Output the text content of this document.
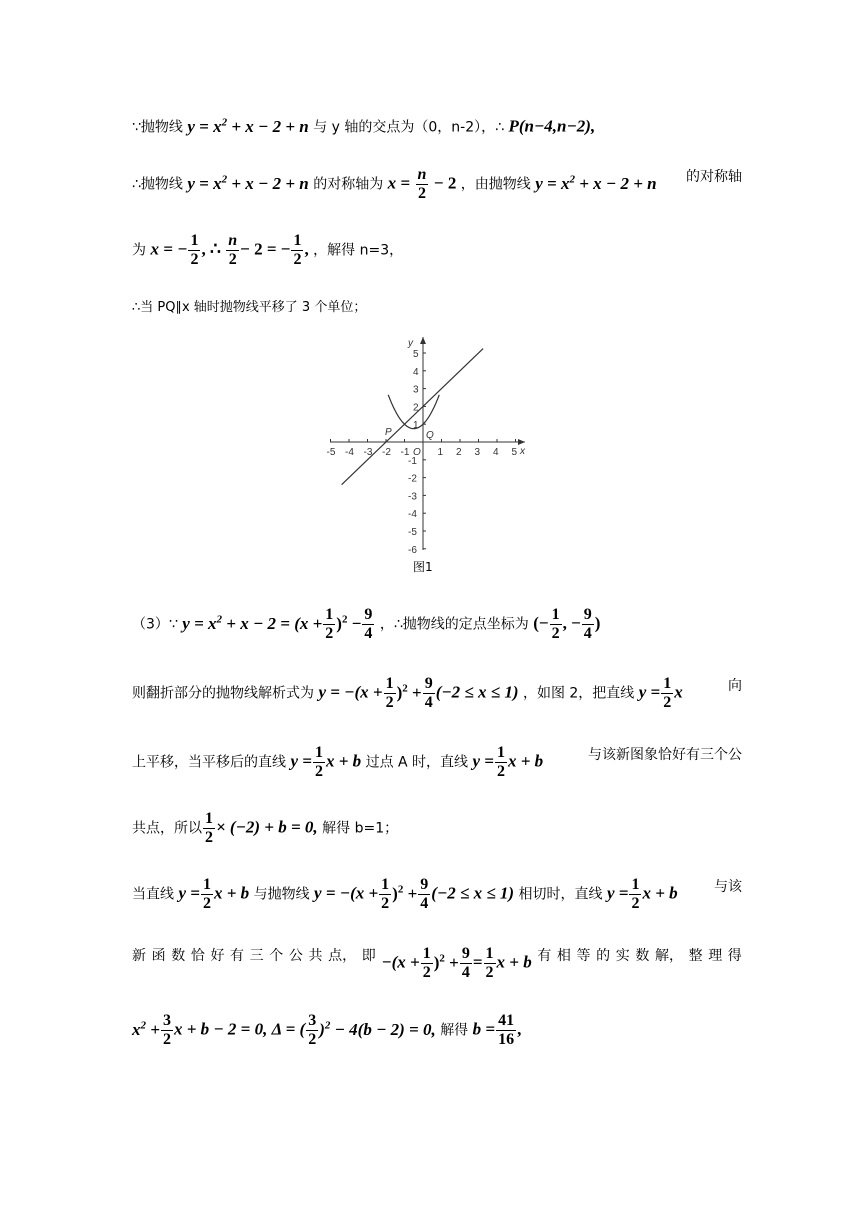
∵抛物线 $y = x^2 + x - 2 + n$ 与 y 轴的交点为（0，n-2），∴ P(n−4,n−2),
∴抛物线 $y = x^2 + x - 2 + n$ 的对称轴为 $x = \frac{n}{2} - 2$ ，由抛物线 $y = x^2 + x - 2 + n$ 的对称轴
为 x = − $\frac{1}{2}$ , ∴ $\frac{n}{2} - 2$ = − $\frac{1}{2}$ , ，解得 n=3，
∴当 PQ∥x 轴时抛物线平移了 3 个单位；
-5 -4 -3 -2 -1	1 2 3 4 5
5
4
3
2
1
-1
-2
-3
-4
-5
-6
x
y
O
P	Q
图1
（3）∵ $y = x^2 + x - 2 = (x + \frac{1}{2} )^2 - \frac{9}{4}$ ，∴抛物线的定点坐标为 (− $\frac{1}{2}$ , − $\frac{9}{4}$ )
则翻折部分的抛物线解析式为 $y = -(x + \frac{1}{2} )^2 + \frac{9}{4} (-2 \le x \le 1)$ ，如图 2，把直线 $y = \frac{1}{2}$ x	向
上平移，当平移后的直线 $y = \frac{1}{2}$ x + b 过点 A 时，直线 $y = \frac{1}{2}$ x + b	与该新图象恰好有三个公
共点，所以 $\frac{1}{2} \times (-2) + b = 0$, 解得 b=1；
当直线 $y = \frac{1}{2}$ x + b 与抛物线 $y = -(x + \frac{1}{2} )^2 + \frac{9}{4} (-2 \le x \le 1)$ 相切时，直线 $y = \frac{1}{2}$ x + b	与该
新 函 数 恰 好 有 三 个 公 共 点， 即 $-(x + \frac{1}{2} )^2 + \frac{9}{4} = \frac{1}{2}$ x + b 有 相 等 的 实 数 解， 整 理 得
$x^2 + \frac{3}{2}$ x + b − 2 = 0, Δ = ( $\frac{3}{2} )^2 - 4(b - 2) = 0$, 解得 $b = \frac{41}{16}$ ,
